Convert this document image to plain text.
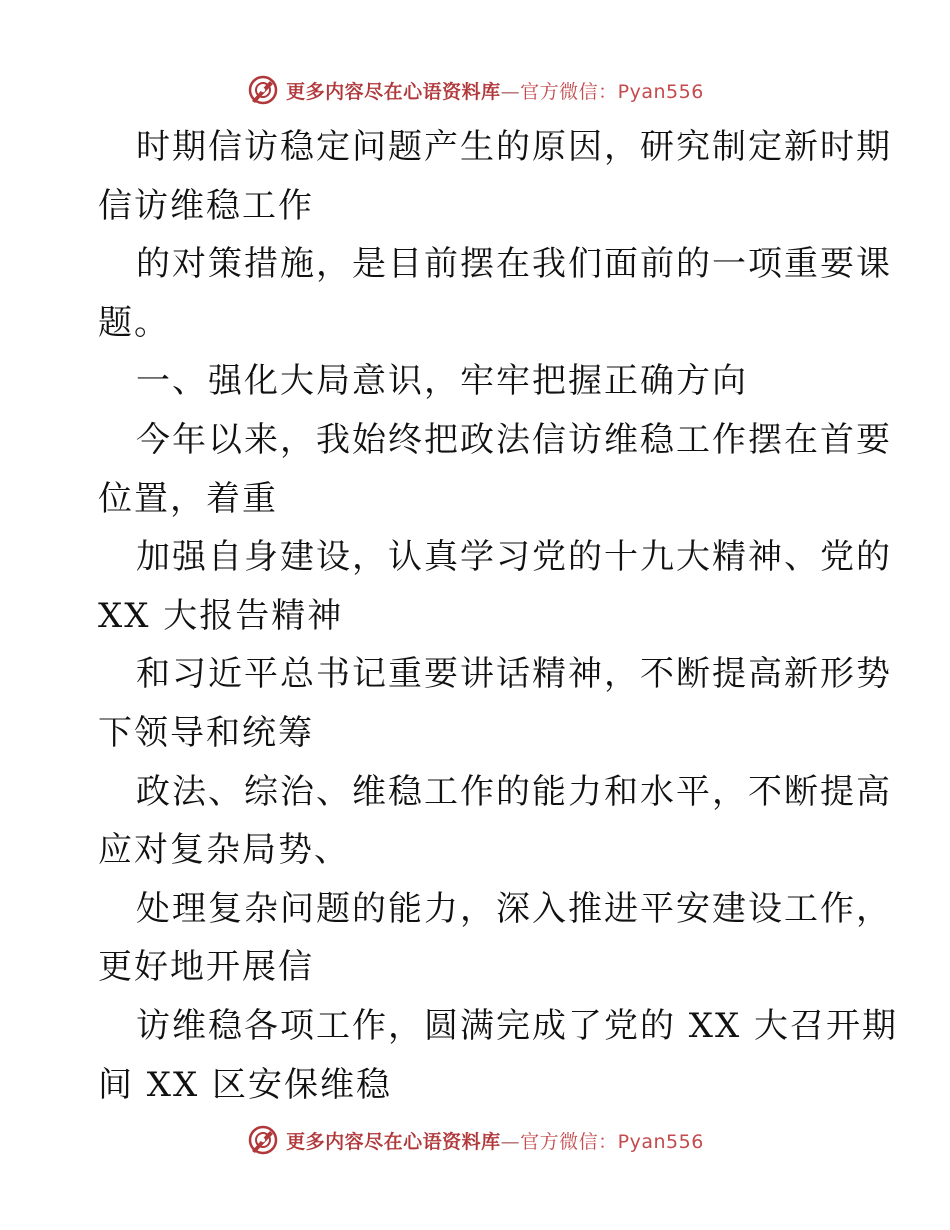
更多内容尽在心语资料库—官方微信：Pyan556
时期信访稳定问题产生的原因，研究制定新时期
信访维稳工作
的对策措施，是目前摆在我们面前的一项重要课
题。
一、强化大局意识，牢牢把握正确方向
今年以来，我始终把政法信访维稳工作摆在首要
位置，着重
加强自身建设，认真学习党的十九大精神、党的
XX 大报告精神
和习近平总书记重要讲话精神，不断提高新形势
下领导和统筹
政法、综治、维稳工作的能力和水平，不断提高
应对复杂局势、
处理复杂问题的能力，深入推进平安建设工作，
更好地开展信
访维稳各项工作，圆满完成了党的 XX 大召开期
间 XX 区安保维稳
更多内容尽在心语资料库—官方微信：Pyan556
